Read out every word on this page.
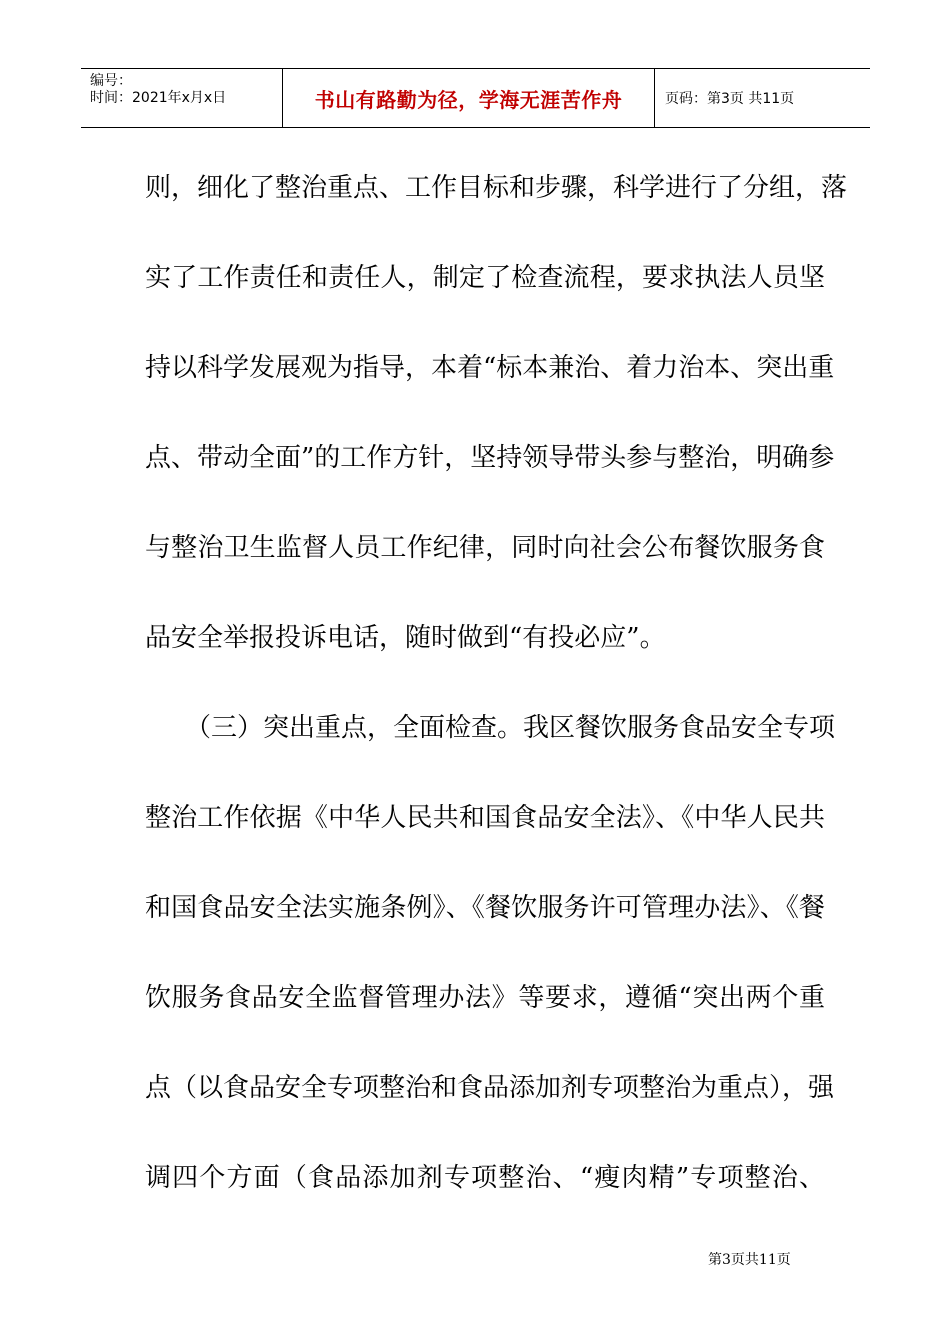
编号：
时间：2021年x月x日	书山有路勤为径，学海无涯苦作舟	页码：第3页 共11页
则，细化了整治重点、工作目标和步骤，科学进行了分组，落
实了工作责任和责任人，制定了检查流程，要求执法人员坚
持以科学发展观为指导，本着“标本兼治、着力治本、突出重
点、带动全面”的工作方针，坚持领导带头参与整治，明确参
与整治卫生监督人员工作纪律，同时向社会公布餐饮服务食
品安全举报投诉电话，随时做到“有投必应”。
（三）突出重点，全面检查。我区餐饮服务食品安全专项
整治工作依据《中华人民共和国食品安全法》、《中华人民共
和国食品安全法实施条例》、《餐饮服务许可管理办法》、《餐
饮服务食品安全监督管理办法》等要求，遵循“突出两个重
点（以食品安全专项整治和食品添加剂专项整治为重点），强
调四个方面（食品添加剂专项整治、“瘦肉精”专项整治、
第3页共11页
